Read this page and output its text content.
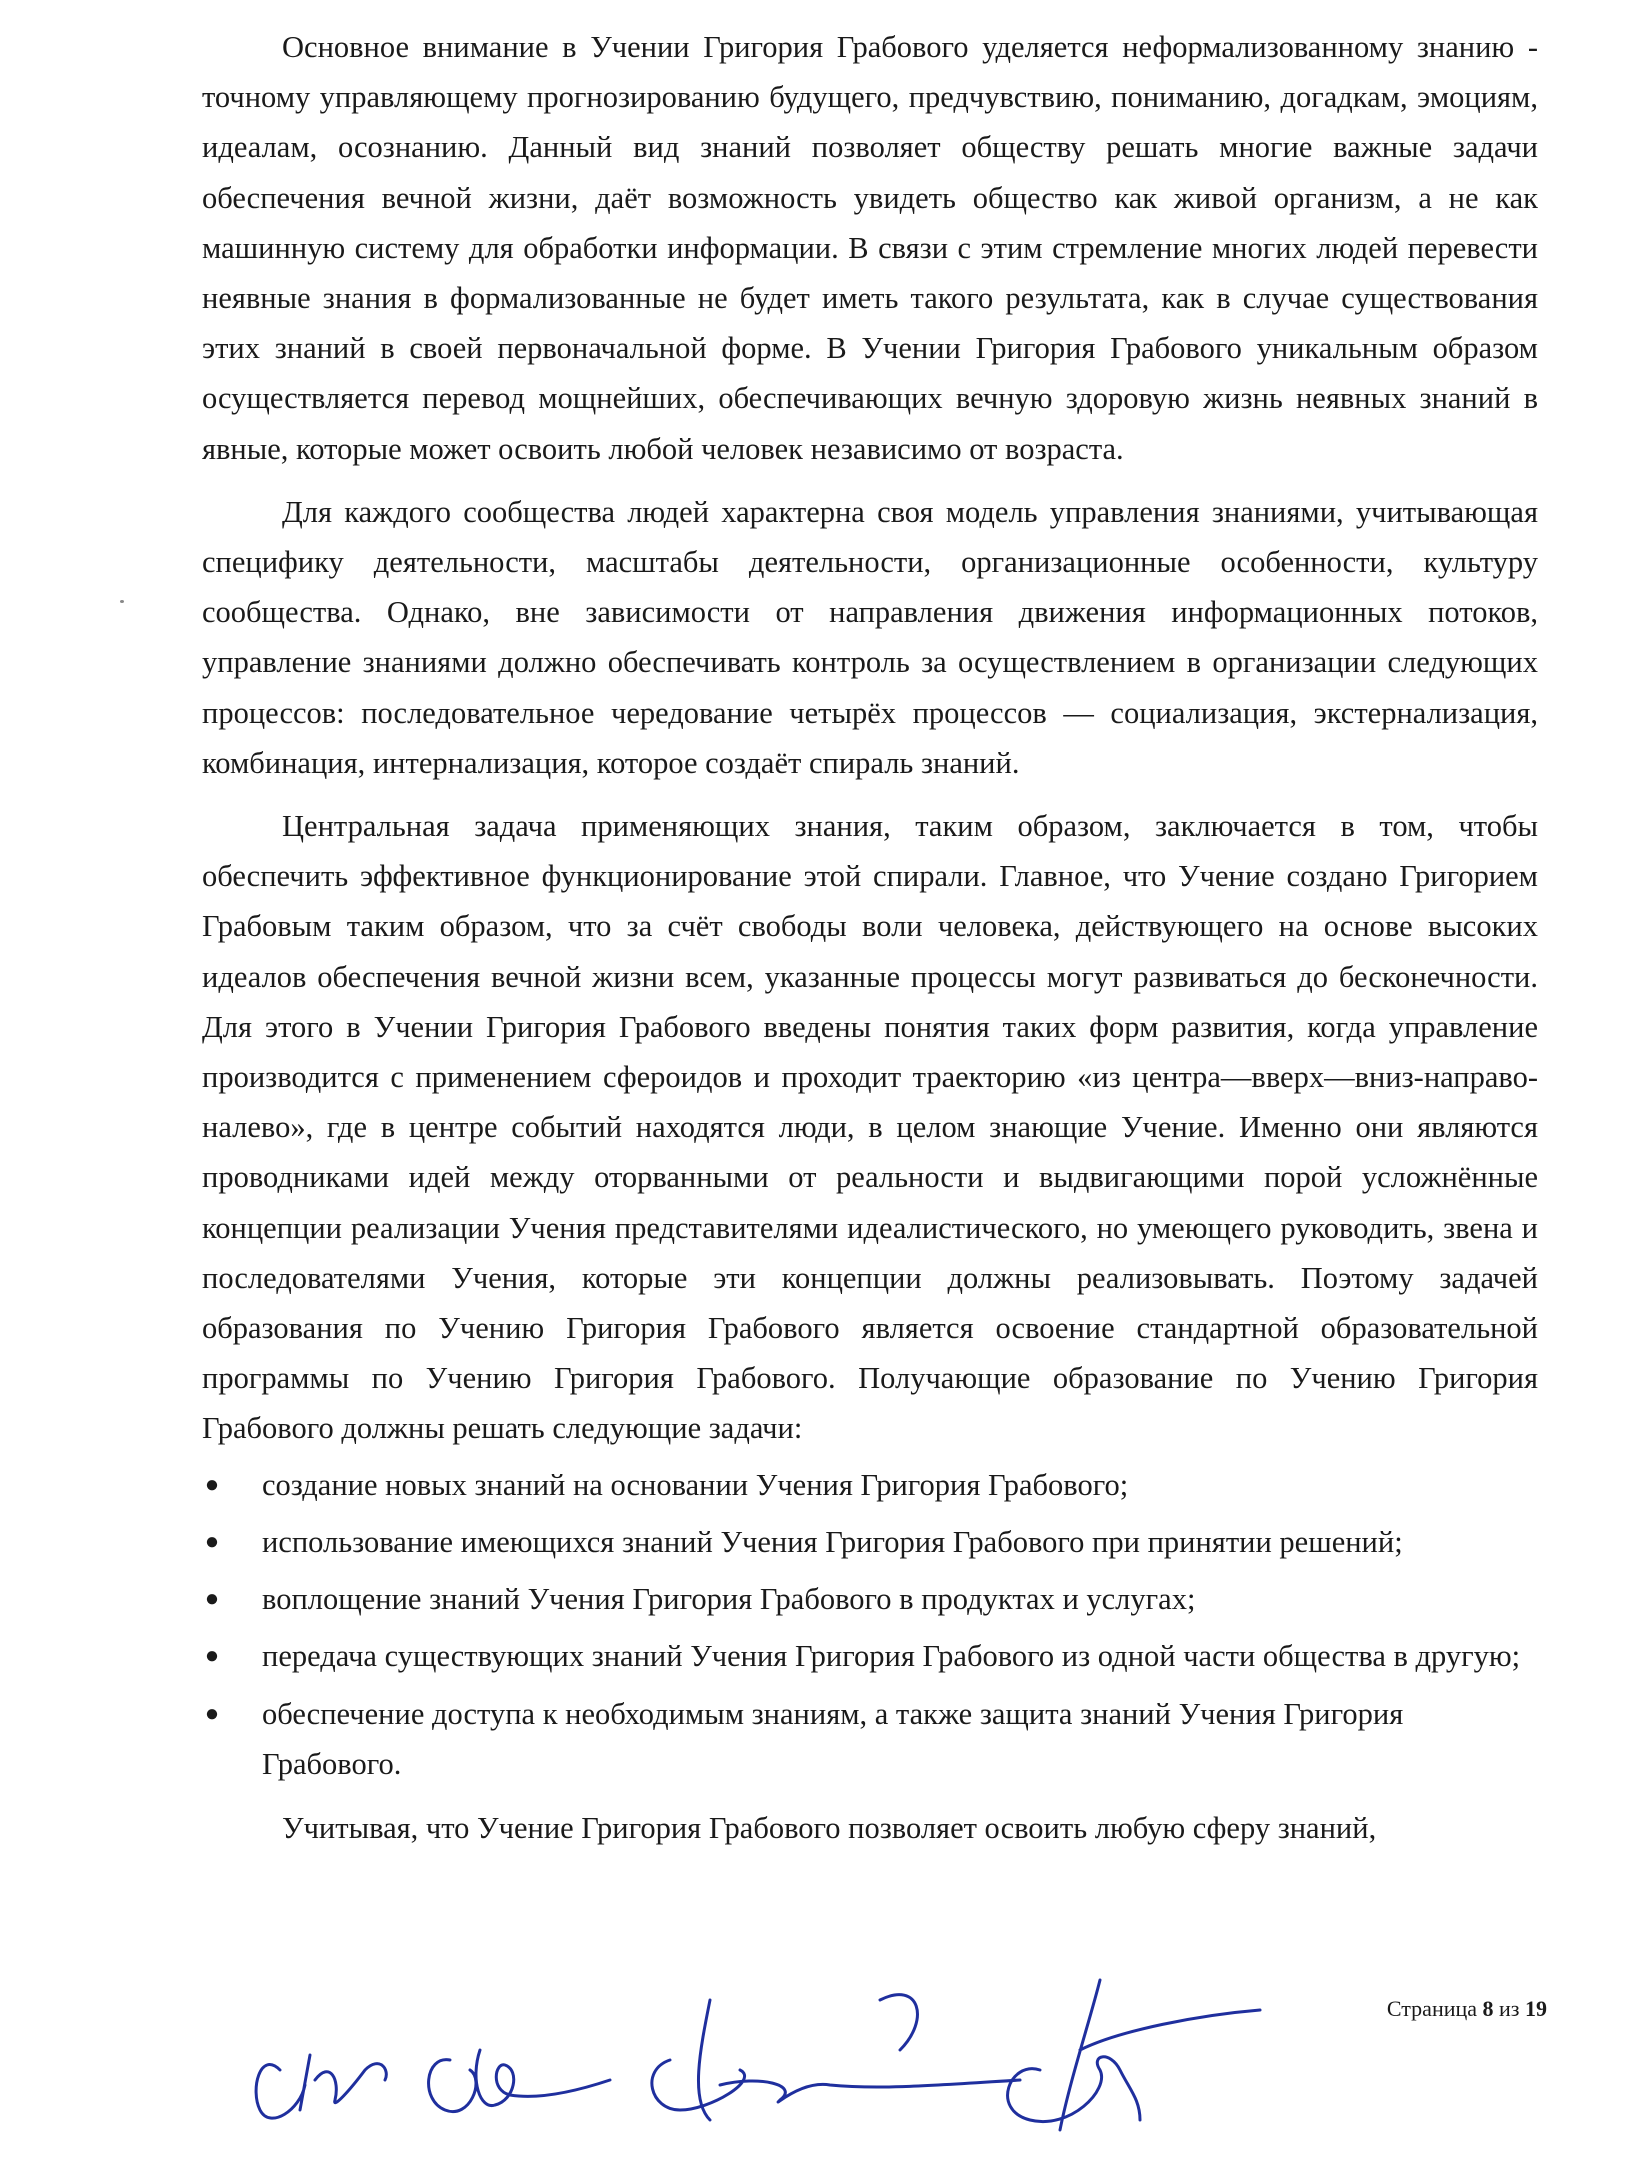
Основное внимание в Учении Григория Грабового уделяется неформализованному знанию - точному управляющему прогнозированию будущего, предчувствию, пониманию, догадкам, эмоциям, идеалам, осознанию. Данный вид знаний позволяет обществу решать многие важные задачи обеспечения вечной жизни, даёт возможность увидеть общество как живой организм, а не как машинную систему для обработки информации. В связи с этим стремление многих людей перевести неявные знания в формализованные не будет иметь такого результата, как в случае существования этих знаний в своей первоначальной форме. В Учении Григория Грабового уникальным образом осуществляется перевод мощнейших, обеспечивающих вечную здоровую жизнь неявных знаний в явные, которые может освоить любой человек независимо от возраста.

Для каждого сообщества людей характерна своя модель управления знаниями, учитывающая специфику деятельности, масштабы деятельности, организационные особенности, культуру сообщества. Однако, вне зависимости от направления движения информационных потоков, управление знаниями должно обеспечивать контроль за осуществлением в организации следующих процессов: последовательное чередование четырёх процессов — социализация, экстернализация, комбинация, интернализация, которое создаёт спираль знаний.

Центральная задача применяющих знания, таким образом, заключается в том, чтобы обеспечить эффективное функционирование этой спирали. Главное, что Учение создано Григорием Грабовым таким образом, что за счёт свободы воли человека, действующего на основе высоких идеалов обеспечения вечной жизни всем, указанные процессы могут развиваться до бесконечности. Для этого в Учении Григория Грабового введены понятия таких форм развития, когда управление производится с применением сфероидов и проходит траекторию «из центра—вверх—вниз-направо-налево», где в центре событий находятся люди, в целом знающие Учение. Именно они являются проводниками идей между оторванными от реальности и выдвигающими порой усложнённые концепции реализации Учения представителями идеалистического, но умеющего руководить, звена и последователями Учения, которые эти концепции должны реализовывать. Поэтому задачей образования по Учению Григория Грабового является освоение стандартной образовательной программы по Учению Григория Грабового. Получающие образование по Учению Григория Грабового должны решать следующие задачи:

● создание новых знаний на основании Учения Григория Грабового;
● использование имеющихся знаний Учения Григория Грабового при принятии решений;
● воплощение знаний Учения Григория Грабового в продуктах и услугах;
● передача существующих знаний Учения Григория Грабового из одной части общества в другую;
● обеспечение доступа к необходимым знаниям, а также защита знаний Учения Григория Грабового.

Учитывая, что Учение Григория Грабового позволяет освоить любую сферу знаний,

Страница 8 из 19
